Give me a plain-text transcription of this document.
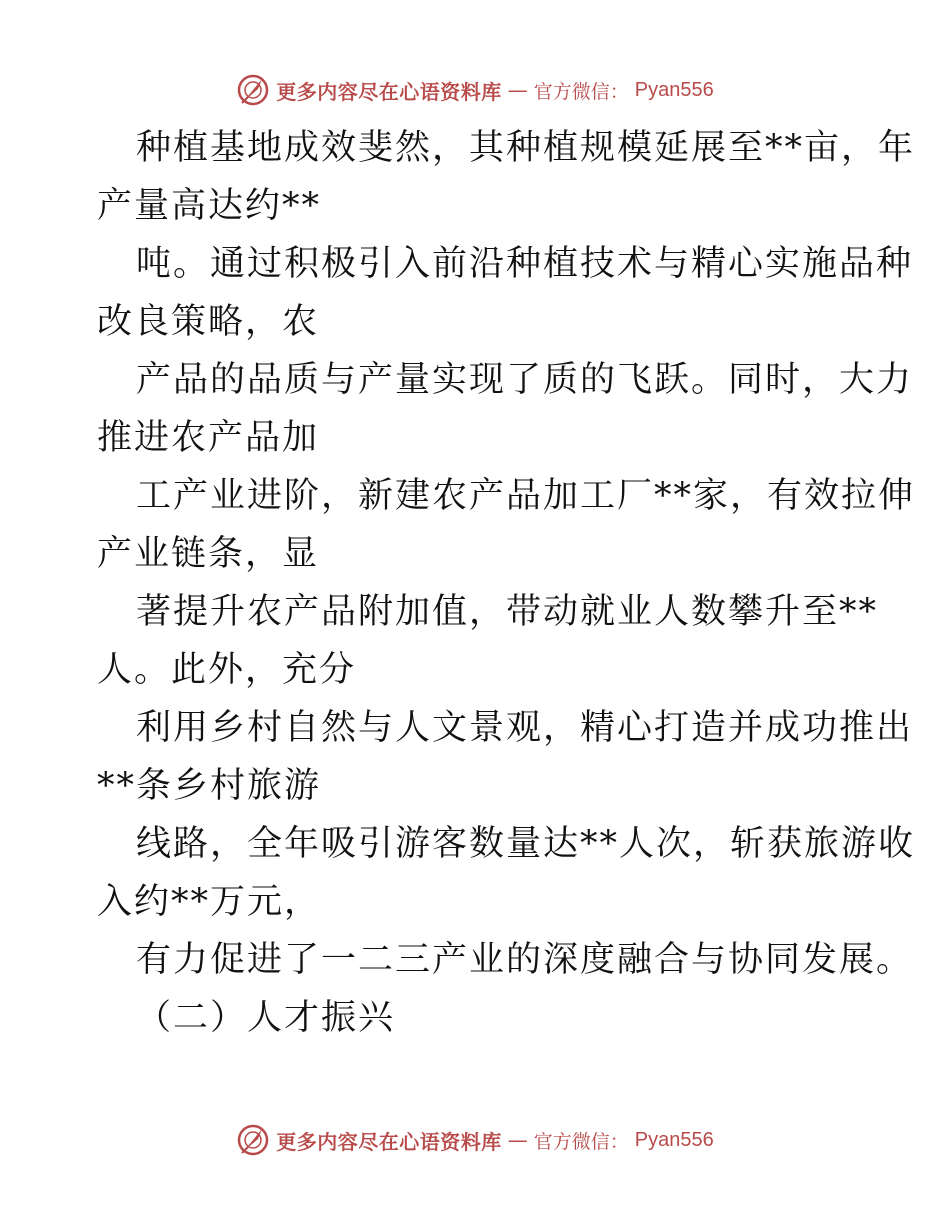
更多内容尽在心语资料库 — 官方微信： Pyan556

种植基地成效斐然，其种植规模延展至**亩，年

产量高达约**

吨。通过积极引入前沿种植技术与精心实施品种

改良策略，农

产品的品质与产量实现了质的飞跃。同时，大力

推进农产品加

工产业进阶，新建农产品加工厂**家，有效拉伸

产业链条，显

著提升农产品附加值，带动就业人数攀升至**

人。此外，充分

利用乡村自然与人文景观，精心打造并成功推出

**条乡村旅游

线路，全年吸引游客数量达**人次，斩获旅游收

入约**万元，

有力促进了一二三产业的深度融合与协同发展。

（二）人才振兴

更多内容尽在心语资料库 — 官方微信： Pyan556
